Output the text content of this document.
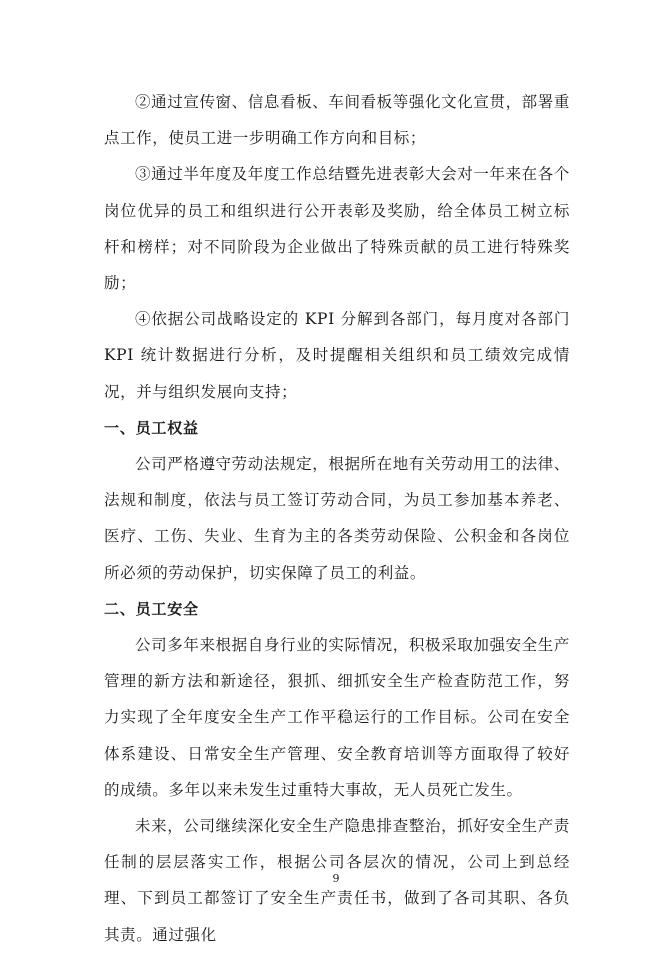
②通过宣传窗、信息看板、车间看板等强化文化宣贯，部署重点工作，使员工进一步明确工作方向和目标；

③通过半年度及年度工作总结暨先进表彰大会对一年来在各个岗位优异的员工和组织进行公开表彰及奖励，给全体员工树立标杆和榜样；对不同阶段为企业做出了特殊贡献的员工进行特殊奖励；

④依据公司战略设定的 KPI 分解到各部门，每月度对各部门 KPI 统计数据进行分析，及时提醒相关组织和员工绩效完成情况，并与组织发展向支持；

一、员工权益

公司严格遵守劳动法规定，根据所在地有关劳动用工的法律、法规和制度，依法与员工签订劳动合同，为员工参加基本养老、医疗、工伤、失业、生育为主的各类劳动保险、公积金和各岗位所必须的劳动保护，切实保障了员工的利益。

二、员工安全

公司多年来根据自身行业的实际情况，积极采取加强安全生产管理的新方法和新途径，狠抓、细抓安全生产检查防范工作，努力实现了全年度安全生产工作平稳运行的工作目标。公司在安全体系建设、日常安全生产管理、安全教育培训等方面取得了较好的成绩。多年以来未发生过重特大事故，无人员死亡发生。

未来，公司继续深化安全生产隐患排查整治，抓好安全生产责任制的层层落实工作，根据公司各层次的情况，公司上到总经理、下到员工都签订了安全生产责任书，做到了各司其职、各负其责。通过强化

9
